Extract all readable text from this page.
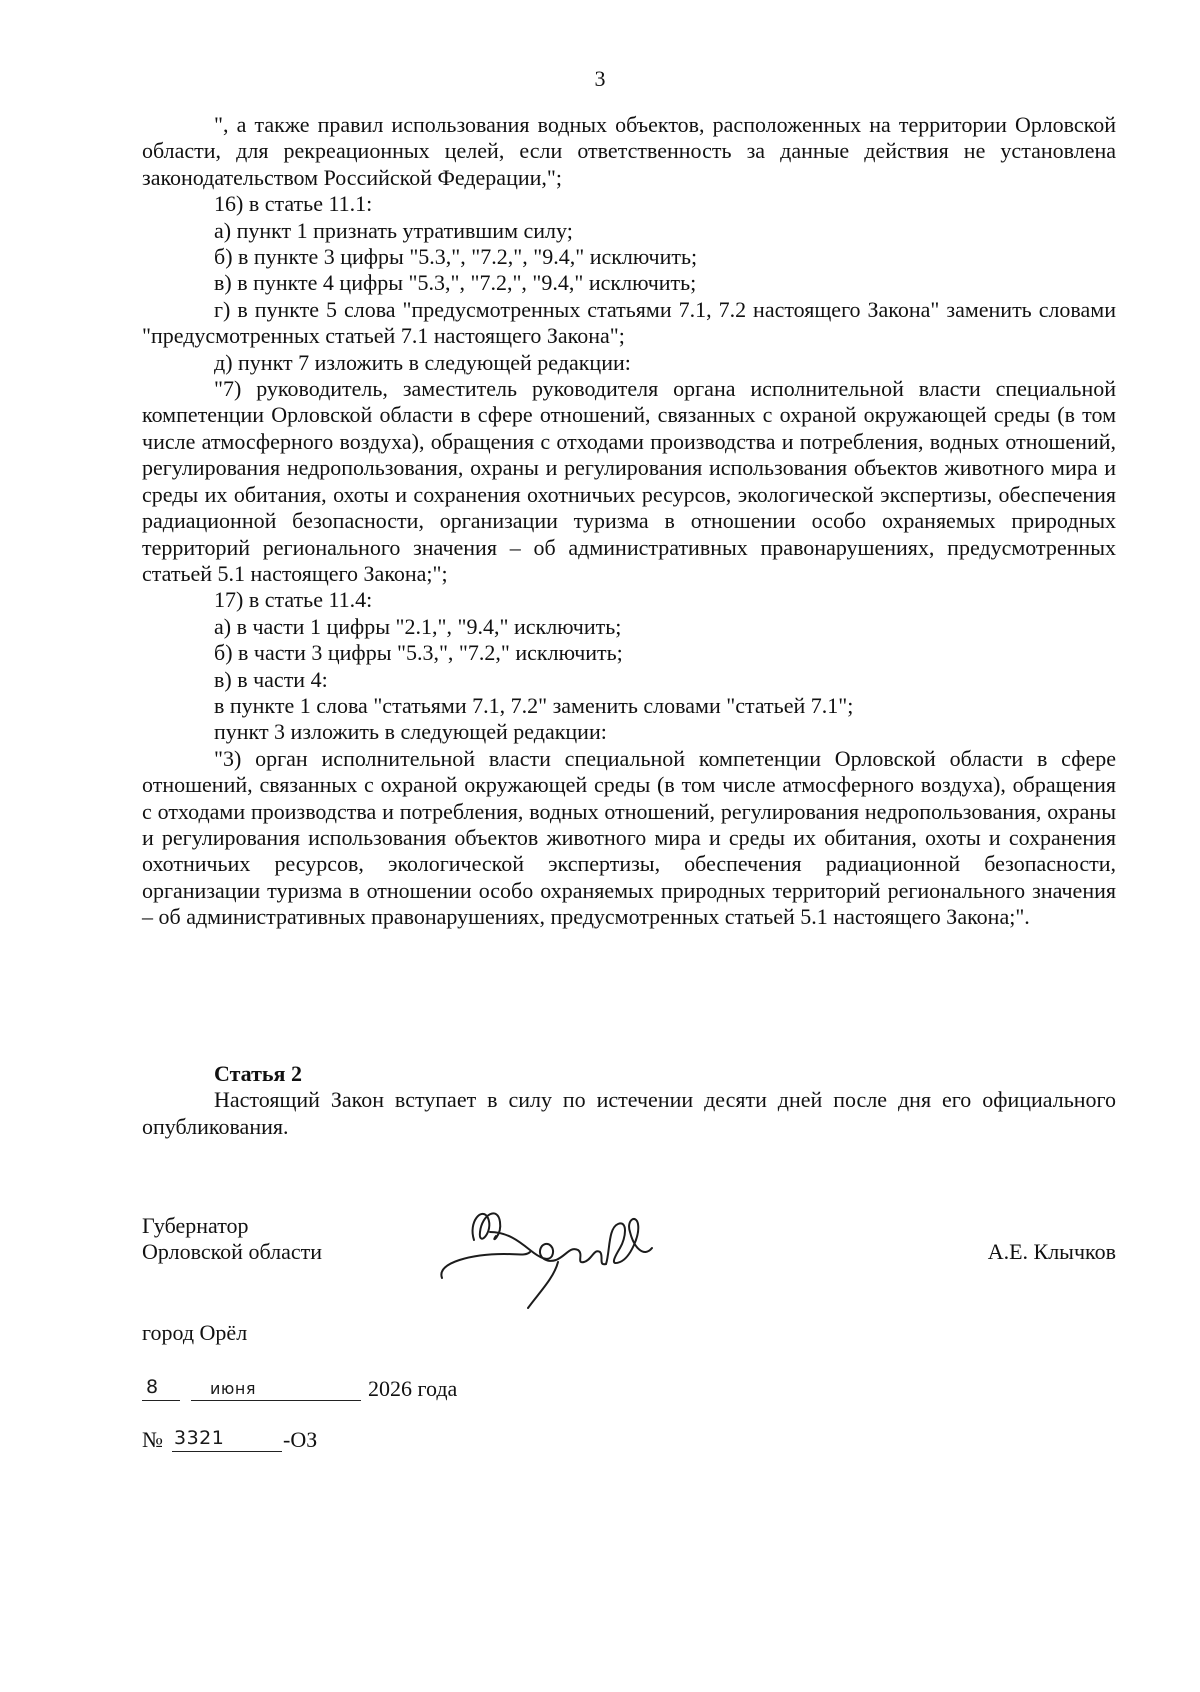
3

", а также правил использования водных объектов, расположенных на территории Орловской области, для рекреационных целей, если ответственность за данные действия не установлена законодательством Российской Федерации,";

16) в статье 11.1:

а) пункт 1 признать утратившим силу;

б) в пункте 3 цифры "5.3,", "7.2,", "9.4," исключить;

в) в пункте 4 цифры "5.3,", "7.2,", "9.4," исключить;

г) в пункте 5 слова "предусмотренных статьями 7.1, 7.2 настоящего Закона" заменить словами "предусмотренных статьей 7.1 настоящего Закона";

д) пункт 7 изложить в следующей редакции:

"7) руководитель, заместитель руководителя органа исполнительной власти специальной компетенции Орловской области в сфере отношений, связанных с охраной окружающей среды (в том числе атмосферного воздуха), обращения с отходами производства и потребления, водных отношений, регулирования недропользования, охраны и регулирования использования объектов животного мира и среды их обитания, охоты и сохранения охотничьих ресурсов, экологической экспертизы, обеспечения радиационной безопасности, организации туризма в отношении особо охраняемых природных территорий регионального значения – об административных правонарушениях, предусмотренных статьей 5.1 настоящего Закона;";

17) в статье 11.4:

а) в части 1 цифры "2.1,", "9.4," исключить;

б) в части 3 цифры "5.3,", "7.2," исключить;

в) в части 4:

в пункте 1 слова "статьями 7.1, 7.2" заменить словами "статьей 7.1";

пункт 3 изложить в следующей редакции:

"3) орган исполнительной власти специальной компетенции Орловской области в сфере отношений, связанных с охраной окружающей среды (в том числе атмосферного воздуха), обращения с отходами производства и потребления, водных отношений, регулирования недропользования, охраны и регулирования использования объектов животного мира и среды их обитания, охоты и сохранения охотничьих ресурсов, экологической экспертизы, обеспечения радиационной безопасности, организации туризма в отношении особо охраняемых природных территорий регионального значения – об административных правонарушениях, предусмотренных статьей 5.1 настоящего Закона;".

Статья 2

Настоящий Закон вступает в силу по истечении десяти дней после дня его официального опубликования.

Губернатор

Орловской области	А.Е. Клычков

город Орёл
8	июня	2026 года
№ 3321	-ОЗ
